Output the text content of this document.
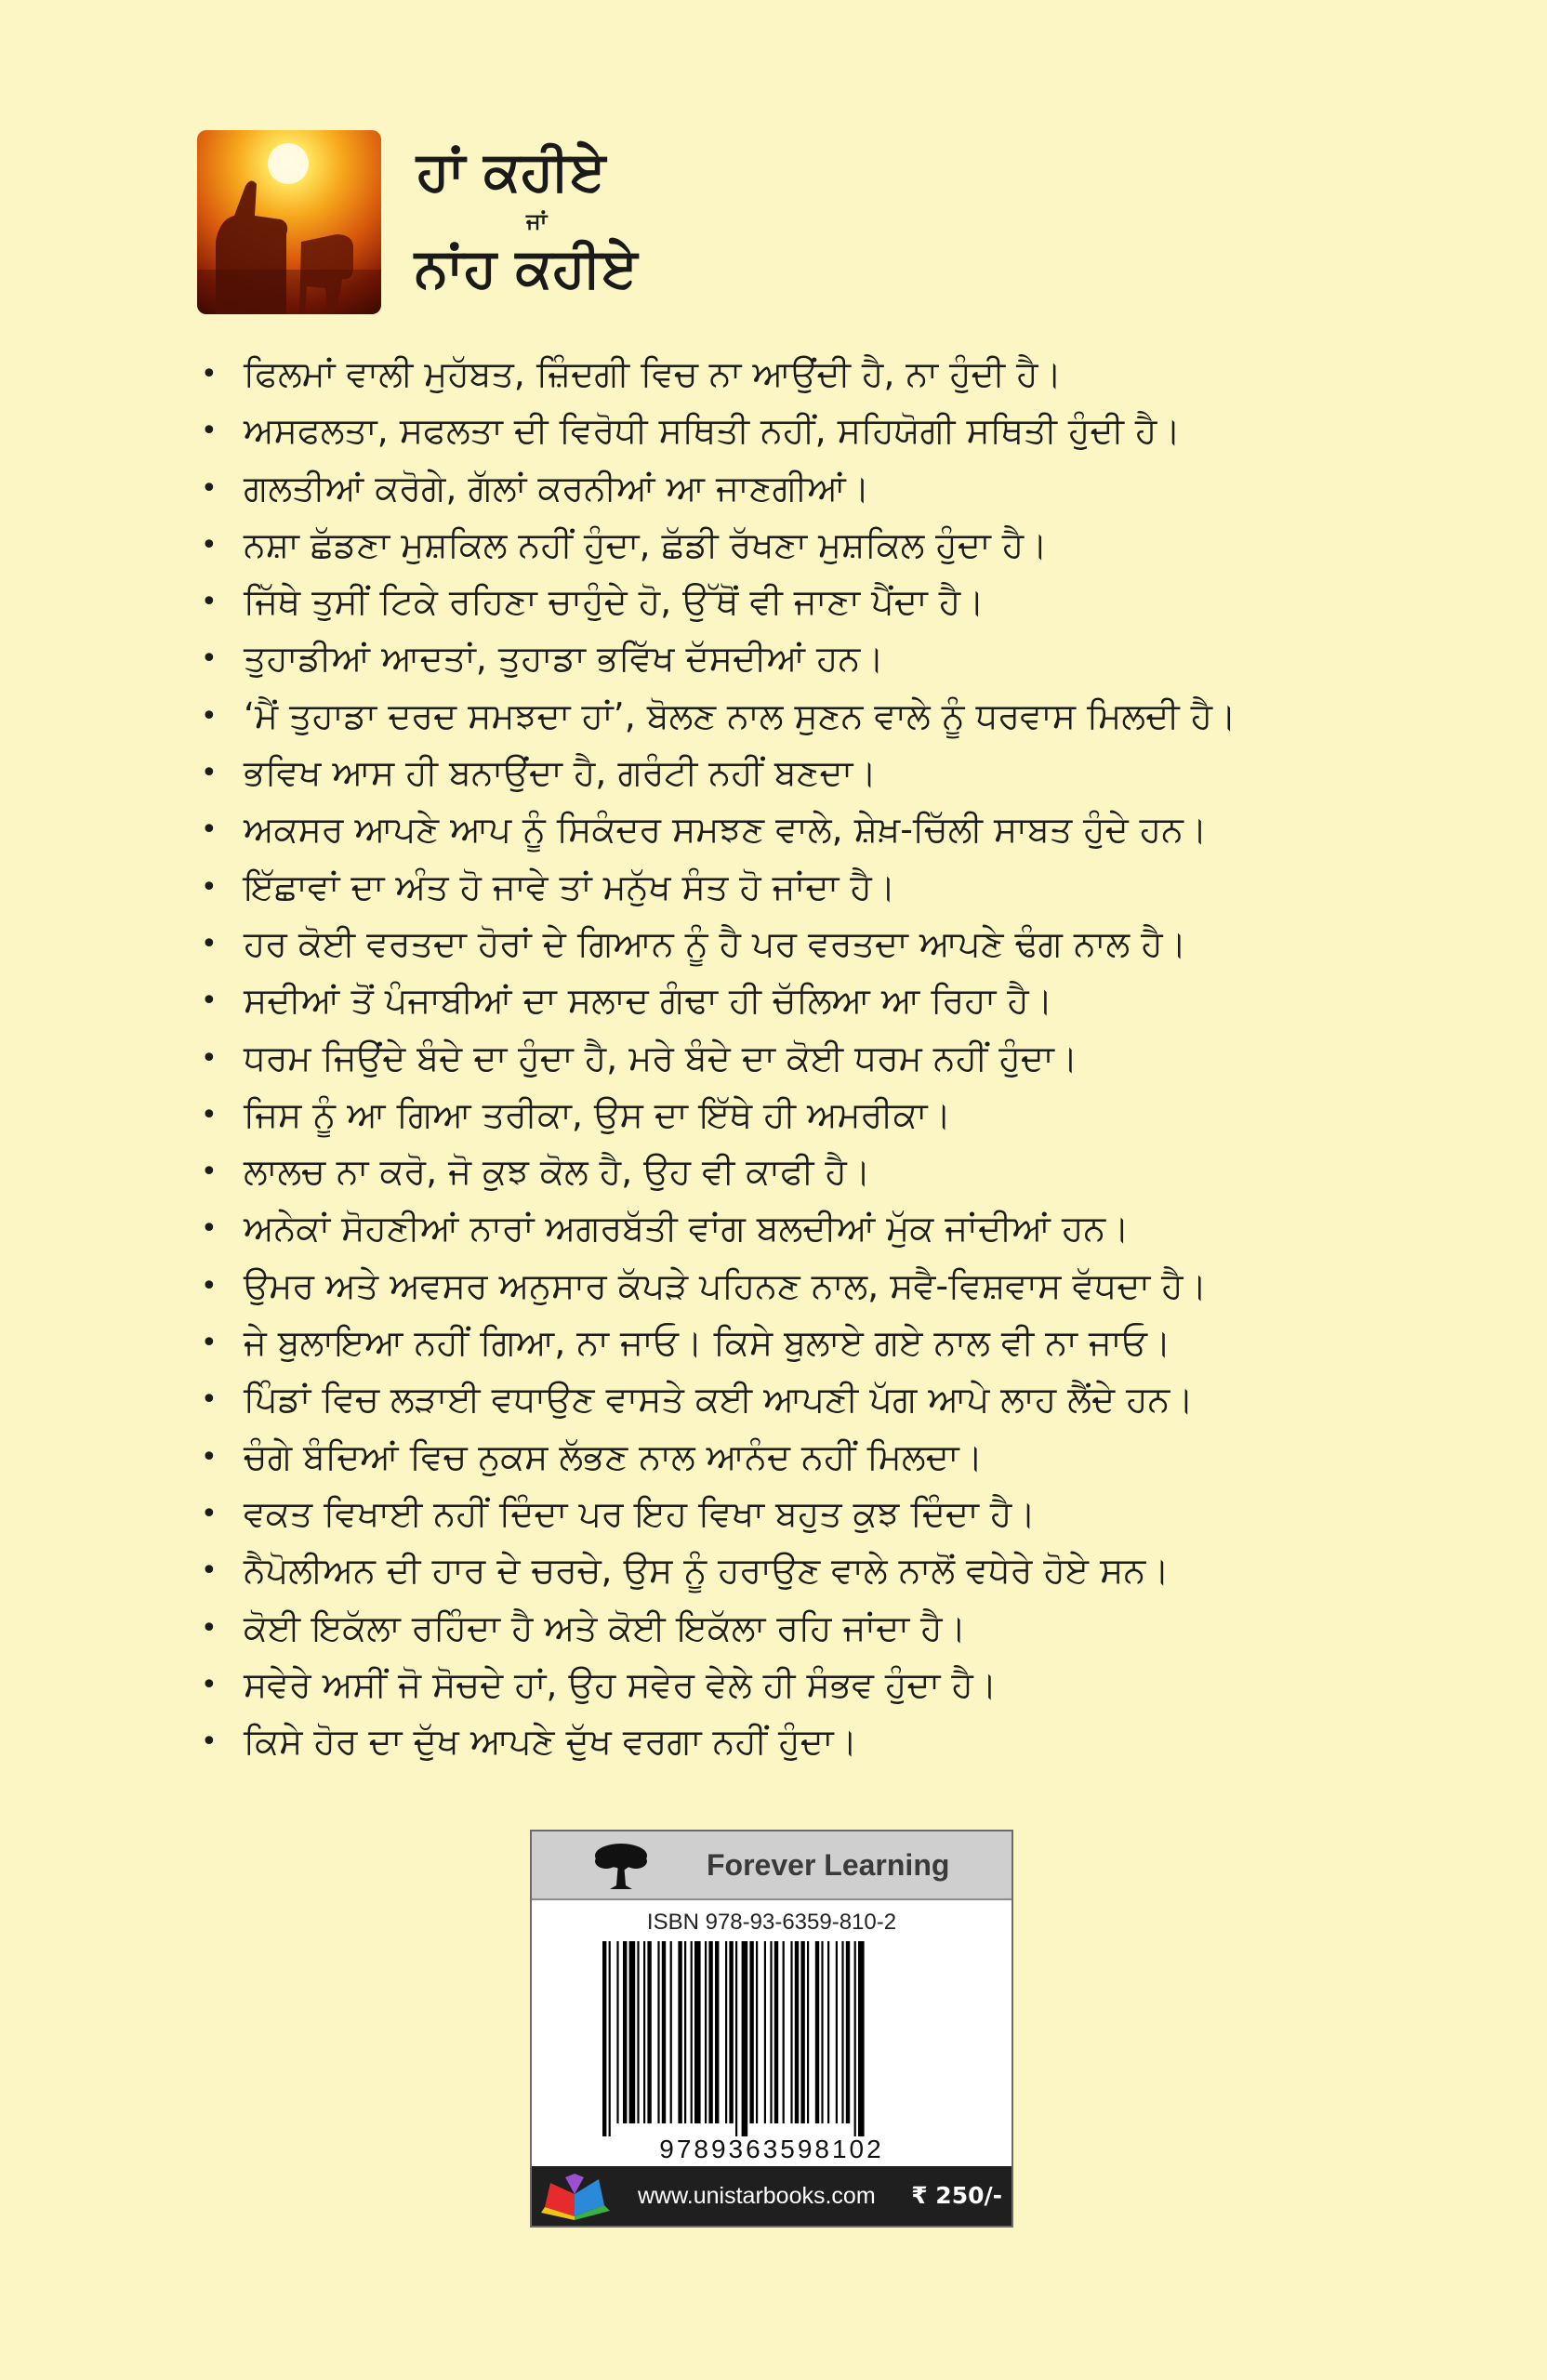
ਹਾਂ ਕਹੀਏ
ਜਾਂ
ਨਾਂਹ ਕਹੀਏ
• ਫਿਲਮਾਂ ਵਾਲੀ ਮੁਹੱਬਤ, ਜ਼ਿੰਦਗੀ ਵਿਚ ਨਾ ਆਉਂਦੀ ਹੈ, ਨਾ ਹੁੰਦੀ ਹੈ।
• ਅਸਫਲਤਾ, ਸਫਲਤਾ ਦੀ ਵਿਰੋਧੀ ਸਥਿਤੀ ਨਹੀਂ, ਸਹਿਯੋਗੀ ਸਥਿਤੀ ਹੁੰਦੀ ਹੈ।
• ਗਲਤੀਆਂ ਕਰੋਗੇ, ਗੱਲਾਂ ਕਰਨੀਆਂ ਆ ਜਾਣਗੀਆਂ।
• ਨਸ਼ਾ ਛੱਡਣਾ ਮੁਸ਼ਕਿਲ ਨਹੀਂ ਹੁੰਦਾ, ਛੱਡੀ ਰੱਖਣਾ ਮੁਸ਼ਕਿਲ ਹੁੰਦਾ ਹੈ।
• ਜਿੱਥੇ ਤੁਸੀਂ ਟਿਕੇ ਰਹਿਣਾ ਚਾਹੁੰਦੇ ਹੋ, ਉੱਥੋਂ ਵੀ ਜਾਣਾ ਪੈਂਦਾ ਹੈ।
• ਤੁਹਾਡੀਆਂ ਆਦਤਾਂ, ਤੁਹਾਡਾ ਭਵਿੱਖ ਦੱਸਦੀਆਂ ਹਨ।
• ‘ਮੈਂ ਤੁਹਾਡਾ ਦਰਦ ਸਮਝਦਾ ਹਾਂ’, ਬੋਲਣ ਨਾਲ ਸੁਣਨ ਵਾਲੇ ਨੂੰ ਧਰਵਾਸ ਮਿਲਦੀ ਹੈ।
• ਭਵਿਖ ਆਸ ਹੀ ਬਨਾਉਂਦਾ ਹੈ, ਗਰੰਟੀ ਨਹੀਂ ਬਣਦਾ।
• ਅਕਸਰ ਆਪਣੇ ਆਪ ਨੂੰ ਸਿਕੰਦਰ ਸਮਝਣ ਵਾਲੇ, ਸ਼ੇਖ਼-ਚਿੱਲੀ ਸਾਬਤ ਹੁੰਦੇ ਹਨ।
• ਇੱਛਾਵਾਂ ਦਾ ਅੰਤ ਹੋ ਜਾਵੇ ਤਾਂ ਮਨੁੱਖ ਸੰਤ ਹੋ ਜਾਂਦਾ ਹੈ।
• ਹਰ ਕੋਈ ਵਰਤਦਾ ਹੋਰਾਂ ਦੇ ਗਿਆਨ ਨੂੰ ਹੈ ਪਰ ਵਰਤਦਾ ਆਪਣੇ ਢੰਗ ਨਾਲ ਹੈ।
• ਸਦੀਆਂ ਤੋਂ ਪੰਜਾਬੀਆਂ ਦਾ ਸਲਾਦ ਗੰਢਾ ਹੀ ਚੱਲਿਆ ਆ ਰਿਹਾ ਹੈ।
• ਧਰਮ ਜਿਉਂਦੇ ਬੰਦੇ ਦਾ ਹੁੰਦਾ ਹੈ, ਮਰੇ ਬੰਦੇ ਦਾ ਕੋਈ ਧਰਮ ਨਹੀਂ ਹੁੰਦਾ।
• ਜਿਸ ਨੂੰ ਆ ਗਿਆ ਤਰੀਕਾ, ਉਸ ਦਾ ਇੱਥੇ ਹੀ ਅਮਰੀਕਾ।
• ਲਾਲਚ ਨਾ ਕਰੋ, ਜੋ ਕੁਝ ਕੋਲ ਹੈ, ਉਹ ਵੀ ਕਾਫੀ ਹੈ।
• ਅਨੇਕਾਂ ਸੋਹਣੀਆਂ ਨਾਰਾਂ ਅਗਰਬੱਤੀ ਵਾਂਗ ਬਲਦੀਆਂ ਮੁੱਕ ਜਾਂਦੀਆਂ ਹਨ।
• ਉਮਰ ਅਤੇ ਅਵਸਰ ਅਨੁਸਾਰ ਕੱਪੜੇ ਪਹਿਨਣ ਨਾਲ, ਸਵੈ-ਵਿਸ਼ਵਾਸ ਵੱਧਦਾ ਹੈ।
• ਜੇ ਬੁਲਾਇਆ ਨਹੀਂ ਗਿਆ, ਨਾ ਜਾਓ। ਕਿਸੇ ਬੁਲਾਏ ਗਏ ਨਾਲ ਵੀ ਨਾ ਜਾਓ।
• ਪਿੰਡਾਂ ਵਿਚ ਲੜਾਈ ਵਧਾਉਣ ਵਾਸਤੇ ਕਈ ਆਪਣੀ ਪੱਗ ਆਪੇ ਲਾਹ ਲੈਂਦੇ ਹਨ।
• ਚੰਗੇ ਬੰਦਿਆਂ ਵਿਚ ਨੁਕਸ ਲੱਭਣ ਨਾਲ ਆਨੰਦ ਨਹੀਂ ਮਿਲਦਾ।
• ਵਕਤ ਵਿਖਾਈ ਨਹੀਂ ਦਿੰਦਾ ਪਰ ਇਹ ਵਿਖਾ ਬਹੁਤ ਕੁਝ ਦਿੰਦਾ ਹੈ।
• ਨੈਪੋਲੀਅਨ ਦੀ ਹਾਰ ਦੇ ਚਰਚੇ, ਉਸ ਨੂੰ ਹਰਾਉਣ ਵਾਲੇ ਨਾਲੋਂ ਵਧੇਰੇ ਹੋਏ ਸਨ।
• ਕੋਈ ਇਕੱਲਾ ਰਹਿੰਦਾ ਹੈ ਅਤੇ ਕੋਈ ਇਕੱਲਾ ਰਹਿ ਜਾਂਦਾ ਹੈ।
• ਸਵੇਰੇ ਅਸੀਂ ਜੋ ਸੋਚਦੇ ਹਾਂ, ਉਹ ਸਵੇਰ ਵੇਲੇ ਹੀ ਸੰਭਵ ਹੁੰਦਾ ਹੈ।
• ਕਿਸੇ ਹੋਰ ਦਾ ਦੁੱਖ ਆਪਣੇ ਦੁੱਖ ਵਰਗਾ ਨਹੀਂ ਹੁੰਦਾ।
Forever Learning
ISBN 978-93-6359-810-2
9789363598102
www.unistarbooks.com ₹ 250/-
